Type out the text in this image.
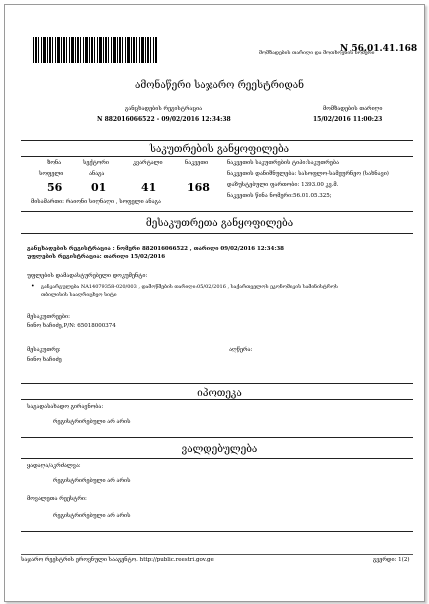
მომზადების თარიღი და მოთხოვნის ნომერი
N 56.01.41.168
ამონაწერი საჯარო რეესტრიდან
განცხადების რეგისტრაცია
N 882016066522 - 09/02/2016 12:34:38
მომზადების თარიღი
15/02/2016 11:00:23
საკუთრების განყოფილება
ზონა	სექტორი	კვარტალი	ნაკვეთი
სოფელი	ანაგა
56	01	41	168
მისამართი: რაიონი სიღნაღი , სოფელი ანაგა
ნაკვეთის საკუთრების ტიპი:საკუთრება
ნაკვეთის დანიშნულება: სასოფლო-სამეურნეო (სახნავი)
დაზუსტებული ფართობი: 1393.00 კვ.მ.
ნაკვეთის წინა ნომერი:56.01.05.325;
მესაკუთრეთა განყოფილება
განცხადების რეგისტრაცია : ნომერი 882016066522 , თარიღი 09/02/2016 12:34:38
უფლების რეგისტრაცია: თარიღი 15/02/2016
უფლების დამადასტურებელი დოკუმენტი:
• განკარგულება NA14079358-020/003 , დამოწმების თარიღი:05/02/2016 , საქართველოს ეკონომიკის სამინისტროს
თბილისის სააღრიცხვო სიტი
მესაკუთრეები:
ნინო ხაჩიძე,P/N: 65018000374
მესაკუთრე:
ნინო ხაჩიძე
აღწერა:
იპოთეკა
საგადასახადო გირავნობა:
რეგისტრირებული არ არის
ვალდებულება
ყადაღა/აკრძალვა:
რეგისტრირებული არ არის
მოვალეთა რეესტრი:
რეგისტრირებული არ არის
საჯარო რეესტრის ეროვნული სააგენტო. http://public.reestri.gov.ge	გვერდი: 1(2)
